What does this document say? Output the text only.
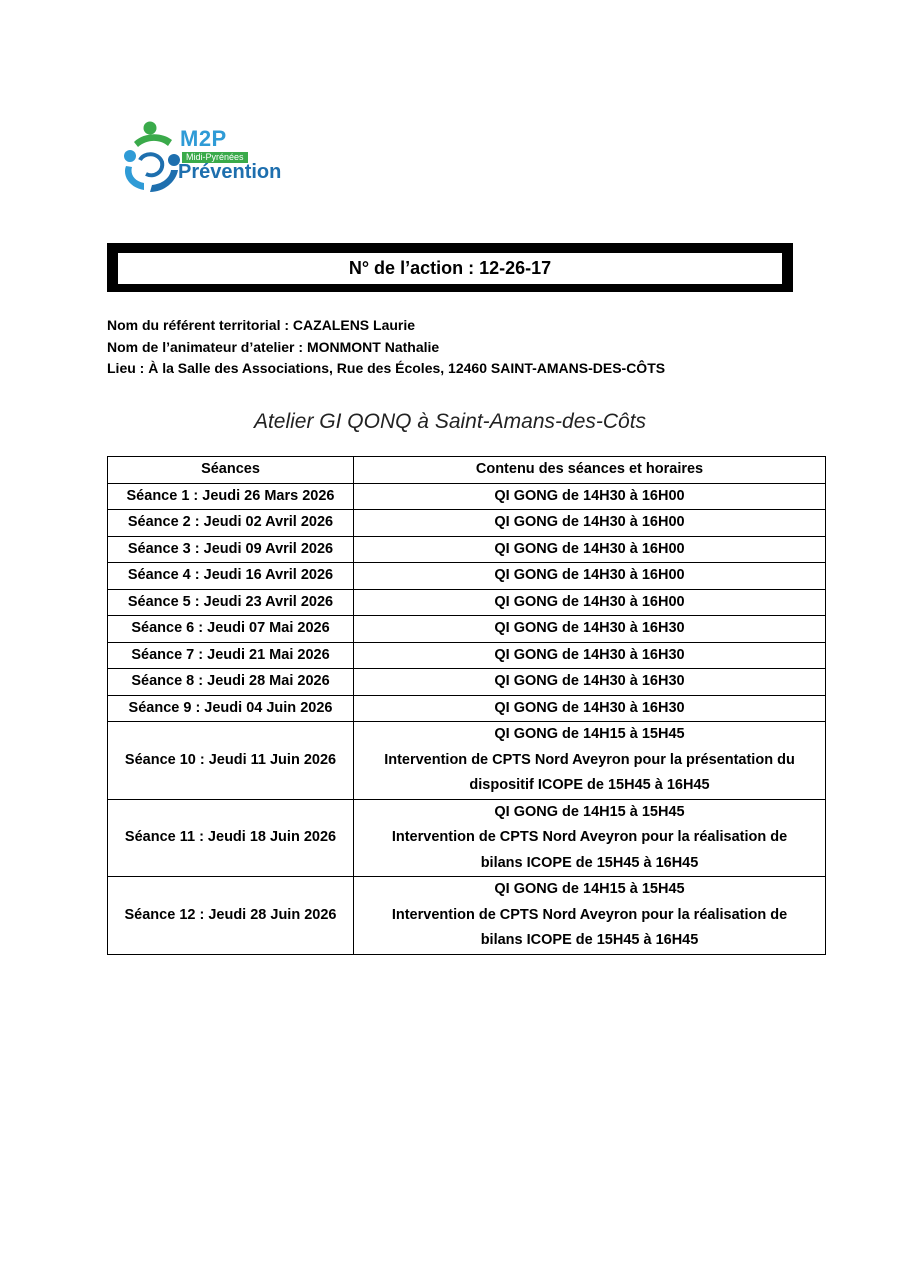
M2P
Midi-Pyrénées
Prévention
N° de l’action : 12-26-17
Nom du référent territorial : CAZALENS Laurie
Nom de l’animateur d’atelier : MONMONT Nathalie
Lieu : À la Salle des Associations, Rue des Écoles, 12460 SAINT-AMANS-DES-CÔTS
Atelier GI QONQ à Saint-Amans-des-Côts
Séances	Contenu des séances et horaires
Séance 1 : Jeudi 26 Mars 2026	QI GONG de 14H30 à 16H00

Séance 2 : Jeudi 02 Avril 2026	QI GONG de 14H30 à 16H00

Séance 3 : Jeudi 09 Avril 2026	QI GONG de 14H30 à 16H00

Séance 4 : Jeudi 16 Avril 2026	QI GONG de 14H30 à 16H00

Séance 5 : Jeudi 23 Avril 2026	QI GONG de 14H30 à 16H00

Séance 6 : Jeudi 07 Mai 2026	QI GONG de 14H30 à 16H30

Séance 7 : Jeudi 21 Mai 2026	QI GONG de 14H30 à 16H30

Séance 8 : Jeudi 28 Mai 2026	QI GONG de 14H30 à 16H30

Séance 9 : Jeudi 04 Juin 2026	QI GONG de 14H30 à 16H30

Séance 10 : Jeudi 11 Juin 2026	QI GONG de 14H15 à 15H45
Intervention de CPTS Nord Aveyron pour la présentation du
dispositif ICOPE de 15H45 à 16H45

Séance 11 : Jeudi 18 Juin 2026	QI GONG de 14H15 à 15H45
Intervention de CPTS Nord Aveyron pour la réalisation de
bilans ICOPE de 15H45 à 16H45

Séance 12 : Jeudi 28 Juin 2026	QI GONG de 14H15 à 15H45
Intervention de CPTS Nord Aveyron pour la réalisation de
bilans ICOPE de 15H45 à 16H45
